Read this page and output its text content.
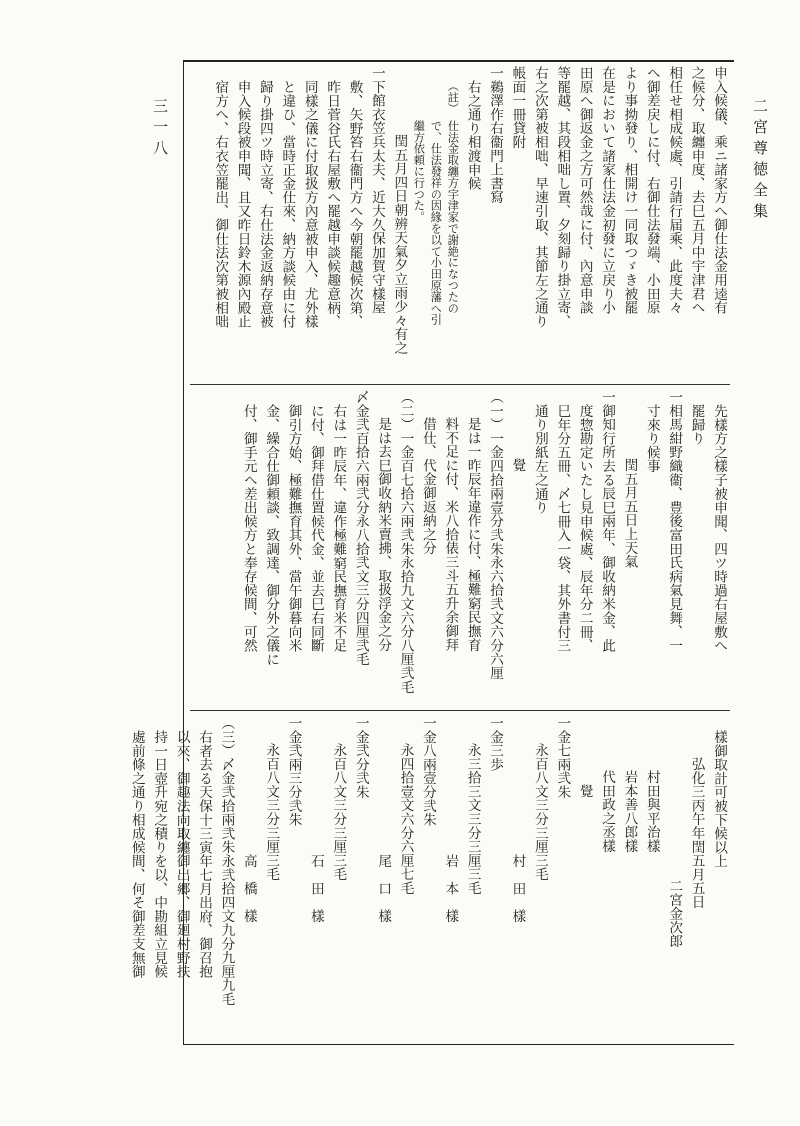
二宮尊徳全集
三一八	申入候儀、乘ニ諸家方へ御仕法金用逵有
之候分、取纏申度、去巳五月中宇津君へ
相任せ相成候處、引請行届乘、此度夫々
へ御差戻しに付、右御仕法發端、小田原
より事拗發り、相開け一同取つゞき被罷
在是において諸家仕法金初發に立戻り小
田原へ御返金之方可然哉に付、內意申談
等罷越、其段相咄し置、夕刻歸り掛立寄、
右之次第被相咄、早速引取、其節左之通り
帳面一冊貸附
一鵜澤作右衞門上書寫
右之通り相渡申候
（註）　仕法金取纏方宇津家で謝絶になつたの
で、仕法發祥の因緣を以て小田原藩へ引
繼方依頼に行つた。
閏五月四日朝辨天氣夕立雨少々有之
一下館衣笠兵太夫、近大久保加賀守樣屋
敷、矢野笞右衞門方へ今朝罷越候次第、
昨日菅谷氏右屋敷へ罷越申談候趣意柄、
同樣之儀に付取扱方內意被申入、尤外樣
と違ひ、當時正金仕來、納方談候由に付
歸り掛四ツ時立寄、右仕法金返納存意被
申入候段被申聞、且又昨日鈴木源內殿止
宿方へ、右衣笠罷出、御仕法次第被相咄
先樣方之樣子被申聞、四ツ時過右屋敷へ
罷歸り
一相馬紺野織衞、豊後富田氏病氣見舞、一
寸來り候事
閏五月五日上天氣
一御知行所去る辰巳兩年、御收納米金、此
度惣勘定いたし見申候處、辰年分二冊、
巳年分五冊、〆七冊入一袋、其外書付三
通り別紙左之通り
覺
（一）一金四拾兩壹分弐朱永六拾弐文六分六厘
是は一昨辰年違作に付、極難窮民撫育
料不足に付、米八拾俵三斗五升余御拜
借仕、代金御返納之分
（二）一金百七拾六兩弐朱永拾九文六分八厘弐毛
是は去巳御收納米賣拂、取扱浮金之分
〆金弐百拾六兩弐分永八拾弐文三分四厘弐毛
右は一昨辰年、違作極難窮民撫育米不足
に付、御拜借仕置候代金、並去巳右同斷
御引方始、極難撫育其外、當午御暮向米
金、繰合仕御頼談、致調達、御分外之儀に
付、御手元へ差出候方と奉存候間、可然
樣御取計可被下候以上
弘化三丙午年閏五月五日
二宮金次郎
村田與平治樣
岩本善八郎樣
代田政之丞樣
覺
一金七兩弐朱
永百八文三分三厘三毛
　　　　　　　　　　村　田　樣
一金三歩
永三拾三文三分三厘三毛
　　　　　　　　　　岩　本　樣
一金八兩壹分弐朱
永四拾壹文六分六厘七毛
　　　　　　　　　　尾　口　樣
一金弐分弐朱
永百八文三分三厘三毛
　　　　　　　　　　石　田　樣
一金弐兩三分弐朱
永百八文三分三厘三毛
　　　　　　　　　　高　橋　樣
（三）〆金弐拾兩弐朱永弐拾四文九分九厘九毛
右者去る天保十三寅年七月出府、御召抱
以來、御趣法向取纏御出郷、御廻村野扶
持一日壺升宛之積りを以、中勘組立見候
處前條之通り相成候間、何そ御差支無御
